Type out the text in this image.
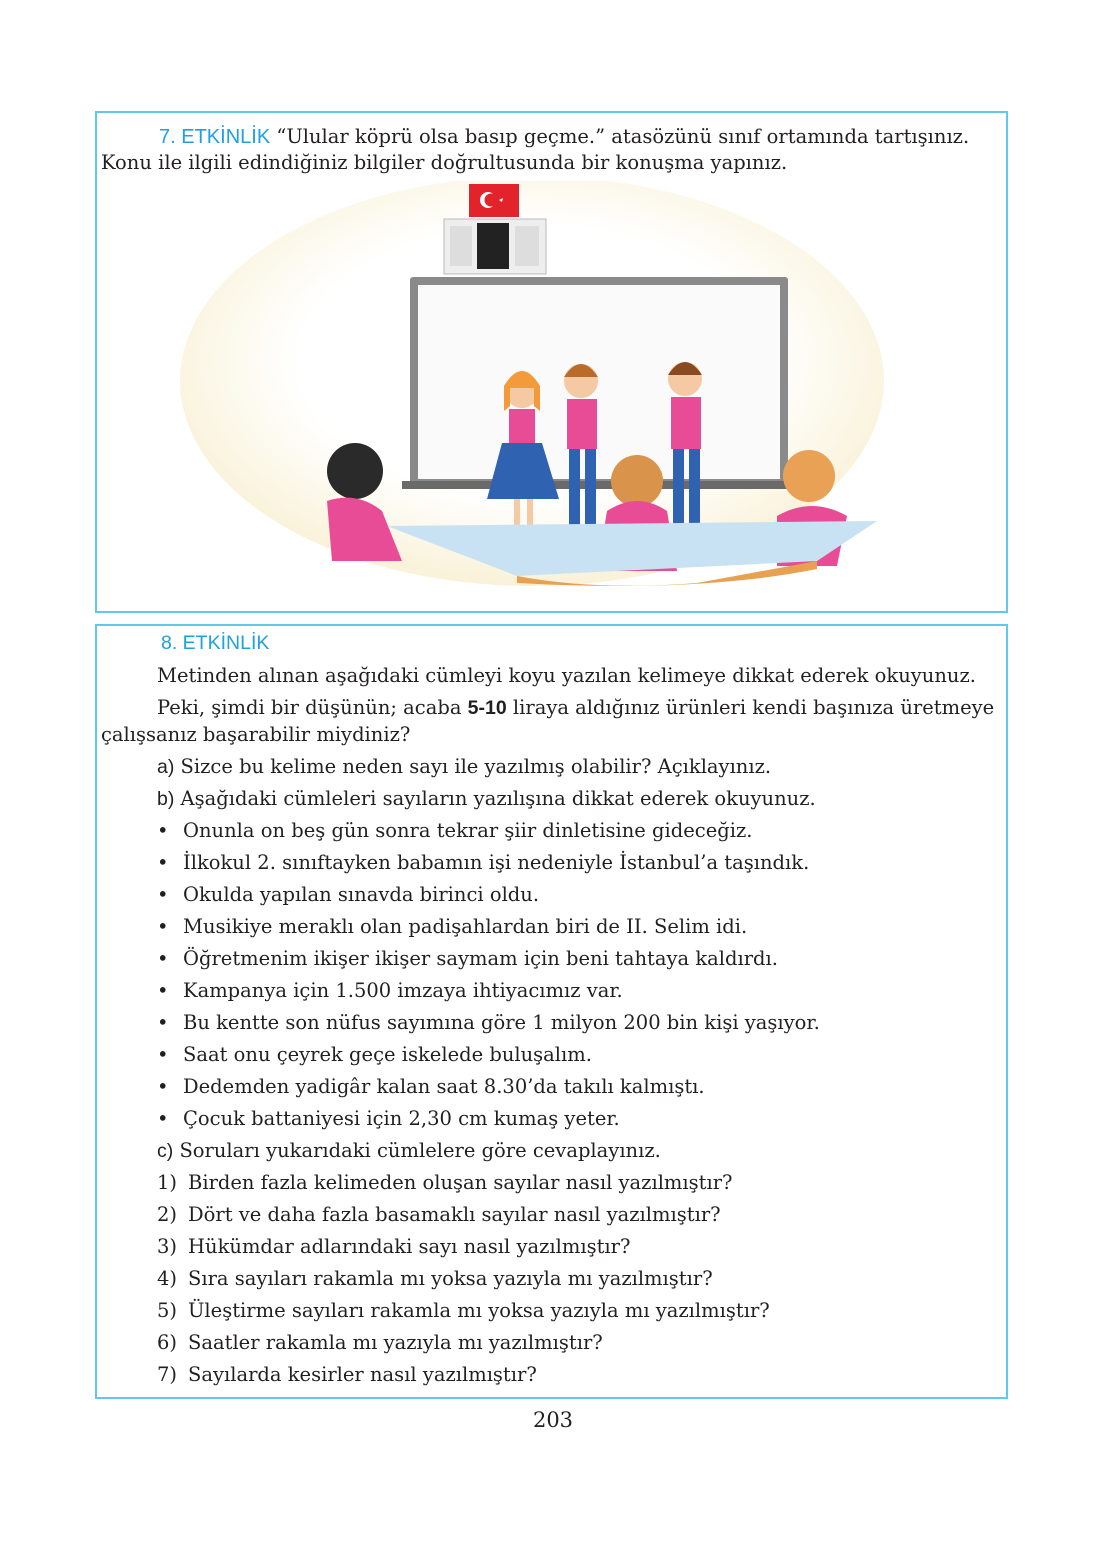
7. ETKİNLİK “Ulular köprü olsa basıp geçme.” atasözünü sınıf ortamında tartışınız.
Konu ile ilgili edindiğiniz bilgiler doğrultusunda bir konuşma yapınız.
8. ETKİNLİK
Metinden alınan aşağıdaki cümleyi koyu yazılan kelimeye dikkat ederek okuyunuz.
Peki, şimdi bir düşünün; acaba 5-10 liraya aldığınız ürünleri kendi başınıza üretmeye
çalışsanız başarabilir miydiniz?
a) Sizce bu kelime neden sayı ile yazılmış olabilir? Açıklayınız.
b) Aşağıdaki cümleleri sayıların yazılışına dikkat ederek okuyunuz.
• Onunla on beş gün sonra tekrar şiir dinletisine gideceğiz.
• İlkokul 2. sınıftayken babamın işi nedeniyle İstanbul’a taşındık.
• Okulda yapılan sınavda birinci oldu.
• Musikiye meraklı olan padişahlardan biri de II. Selim idi.
• Öğretmenim ikişer ikişer saymam için beni tahtaya kaldırdı.
• Kampanya için 1.500 imzaya ihtiyacımız var.
• Bu kentte son nüfus sayımına göre 1 milyon 200 bin kişi yaşıyor.
• Saat onu çeyrek geçe iskelede buluşalım.
• Dedemden yadigâr kalan saat 8.30’da takılı kalmıştı.
• Çocuk battaniyesi için 2,30 cm kumaş yeter.
c) Soruları yukarıdaki cümlelere göre cevaplayınız.
1) Birden fazla kelimeden oluşan sayılar nasıl yazılmıştır?
2) Dört ve daha fazla basamaklı sayılar nasıl yazılmıştır?
3) Hükümdar adlarındaki sayı nasıl yazılmıştır?
4) Sıra sayıları rakamla mı yoksa yazıyla mı yazılmıştır?
5) Üleştirme sayıları rakamla mı yoksa yazıyla mı yazılmıştır?
6) Saatler rakamla mı yazıyla mı yazılmıştır?
7) Sayılarda kesirler nasıl yazılmıştır?
203
